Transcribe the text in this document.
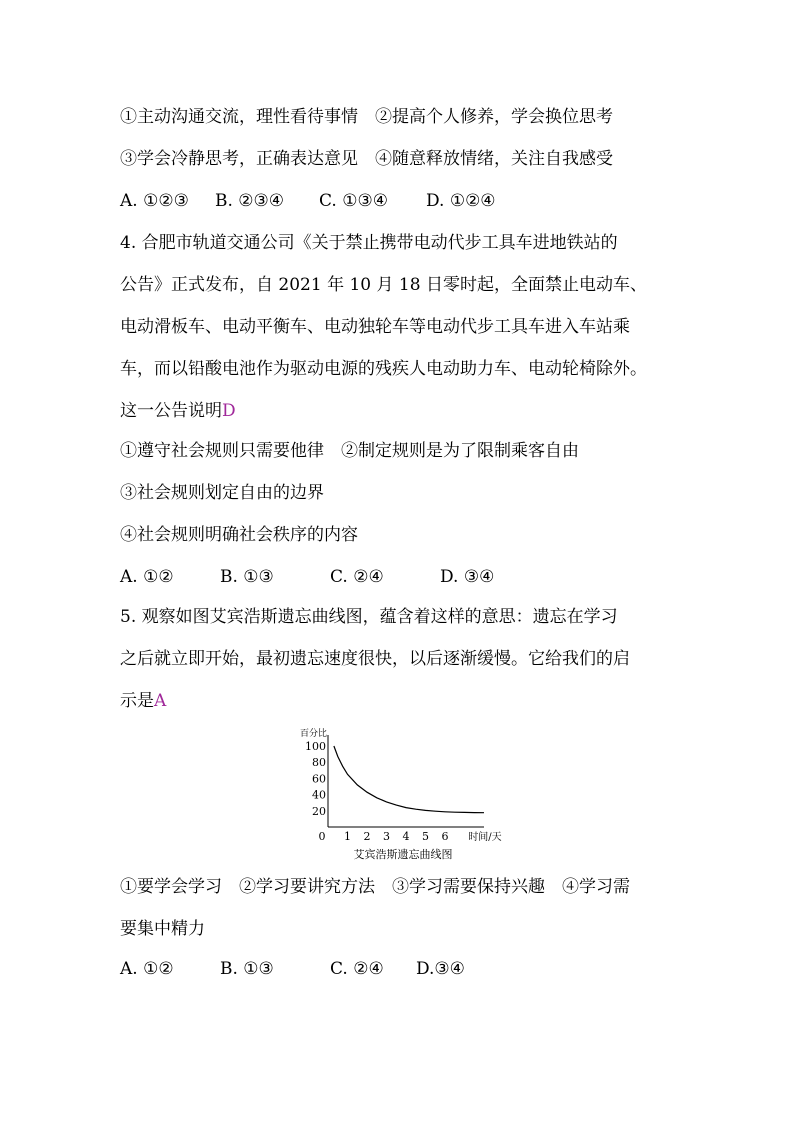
①主动沟通交流，理性看待事情　②提高个人修养，学会换位思考
③学会冷静思考，正确表达意见　④随意释放情绪，关注自我感受
A. ①②③ B. ②③④ C. ①③④ D. ①②④
4. 合肥市轨道交通公司《关于禁止携带电动代步工具车进地铁站的
公告》正式发布，自 2021 年 10 月 18 日零时起，全面禁止电动车、
电动滑板车、电动平衡车、电动独轮车等电动代步工具车进入车站乘
车，而以铅酸电池作为驱动电源的残疾人电动助力车、电动轮椅除外。
这一公告说明D
①遵守社会规则只需要他律　②制定规则是为了限制乘客自由
③社会规则划定自由的边界
④社会规则明确社会秩序的内容
A. ①②	B. ①③	C. ②④	D. ③④
5. 观察如图艾宾浩斯遗忘曲线图，蕴含着这样的意思：遗忘在学习
之后就立即开始，最初遗忘速度很快，以后逐渐缓慢。它给我们的启
示是A
百分比
20
40
60
80
100
0 1 2 3 4 5 6 时间/天
艾宾浩斯遗忘曲线图
①要学会学习　②学习要讲究方法　③学习需要保持兴趣　④学习需
要集中精力
A. ①②	B. ①③	C. ②④ D.③④
